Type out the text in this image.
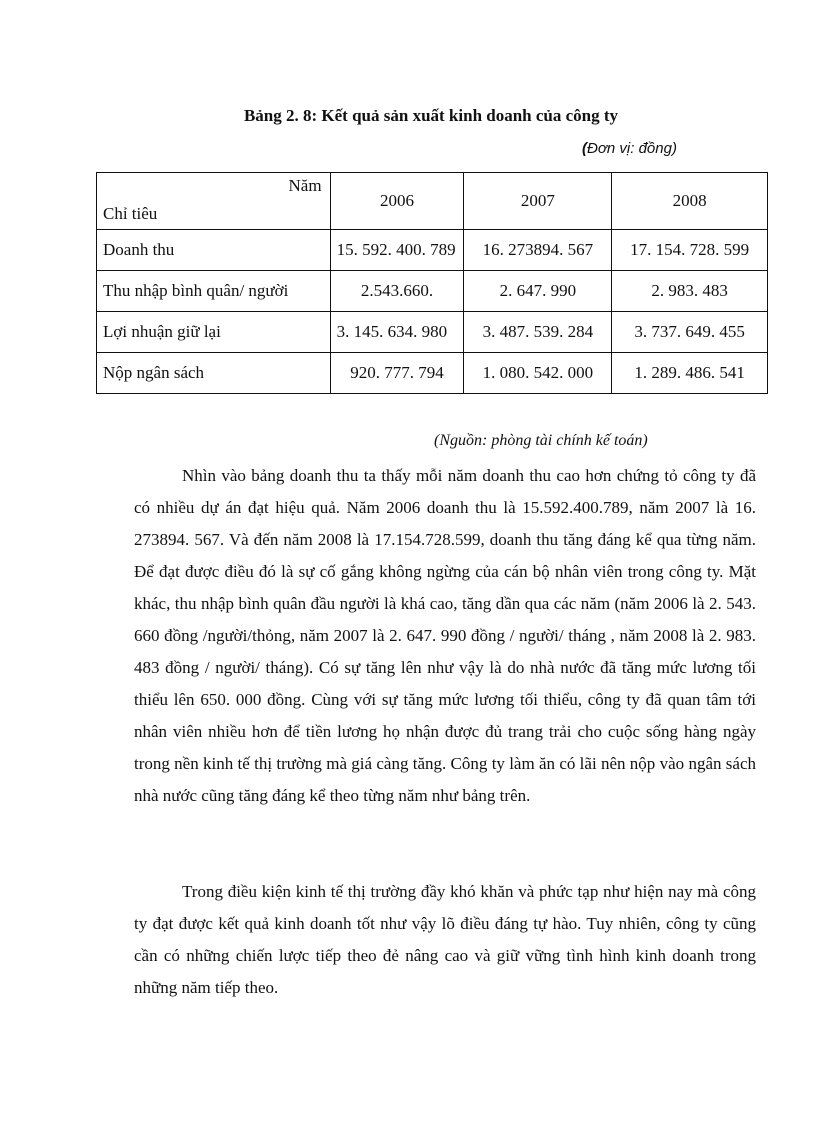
Bảng 2. 8: Kết quả sản xuất kinh doanh của công ty
(Đơn vị: đồng)
Năm
Chỉ tiêu	2006	2007	2008
Doanh thu	15. 592. 400. 789	16. 273894. 567	17. 154. 728. 599
Thu nhập bình quân/ người	2.543.660.	2. 647. 990	2. 983. 483
Lợi nhuận giữ lại	3. 145. 634. 980	3. 487. 539. 284	3. 737. 649. 455
Nộp ngân sách	920. 777. 794	1. 080. 542. 000	1. 289. 486. 541
(Nguồn: phòng tài chính kế toán)

Nhìn vào bảng doanh thu ta thấy mỗi năm doanh thu cao hơn chứng tỏ công ty đã có nhiều dự án đạt hiệu quả. Năm 2006 doanh thu là 15.592.400.789, năm 2007 là 16. 273894. 567. Và đến năm 2008 là 17.154.728.599, doanh thu tăng đáng kể qua từng năm. Để đạt được điều đó là sự cố gắng không ngừng của cán bộ nhân viên trong công ty. Mặt khác, thu nhập bình quân đầu người là khá cao, tăng dần qua các năm (năm 2006 là 2. 543. 660 đồng /người/thỏng, năm 2007 là 2. 647. 990 đồng / người/ tháng , năm 2008 là 2. 983. 483 đồng / người/ tháng). Có sự tăng lên như vậy là do nhà nước đã tăng mức lương tối thiểu lên 650. 000 đồng. Cùng với sự tăng mức lương tối thiểu, công ty đã quan tâm tới nhân viên nhiều hơn để tiền lương họ nhận được đủ trang trải cho cuộc sống hàng ngày trong nền kinh tế thị trường mà giá càng tăng. Công ty làm ăn có lãi nên nộp vào ngân sách nhà nước cũng tăng đáng kể theo từng năm như bảng trên.

Trong điều kiện kinh tế thị trường đầy khó khăn và phức tạp như hiện nay mà công ty đạt được kết quả kinh doanh tốt như vậy lõ điều đáng tự hào. Tuy nhiên, công ty cũng cần có những chiến lược tiếp theo đẻ nâng cao và giữ vững tình hình kinh doanh trong những năm tiếp theo.
